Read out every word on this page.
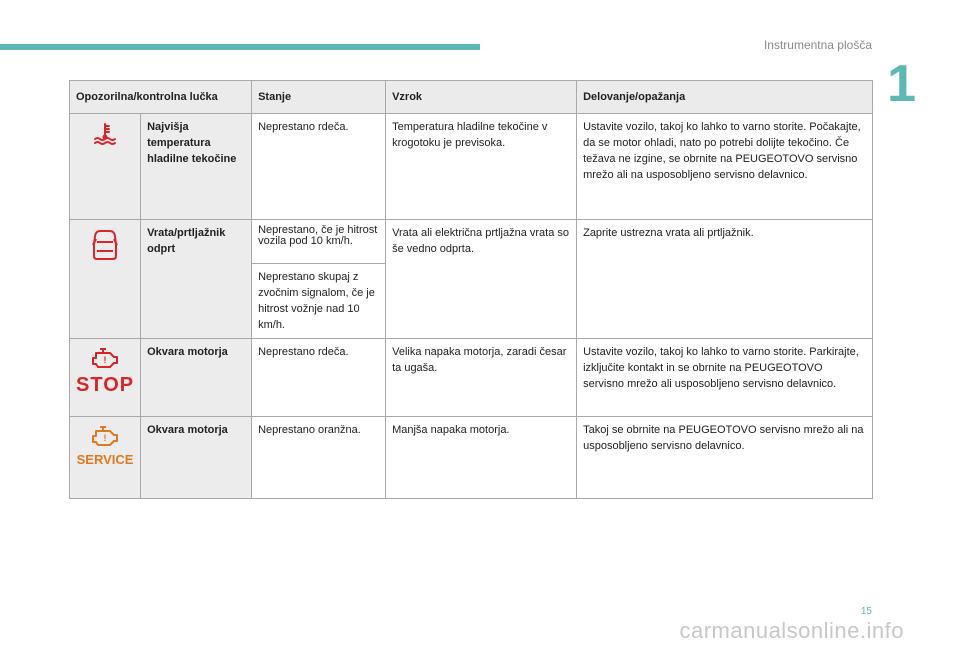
Instrumentna plošča
1
Opozorilna/kontrolna lučka		Stanje	Vzrok	Delovanje/opažanja

	Najvišja temperatura hladilne tekočine	Neprestano rdeča.	Temperatura hladilne tekočine v krogotoku je previsoka.	Ustavite vozilo, takoj ko lahko to varno storite. Počakajte, da se motor ohladi, nato po potrebi dolijte tekočino. Če težava ne izgine, se obrnite na PEUGEOTOVO servisno mrežo ali na usposobljeno servisno delavnico.

	Vrata/prtljažnik odprt	Neprestano, če je hitrost vozila pod 10 km/h.	Vrata ali električna prtljažna vrata so še vedno odprta.	Zaprite ustrezna vrata ali prtljažnik.
		Neprestano skupaj z zvočnim signalom, če je hitrost vožnje nad 10 km/h.		

!
STOP	Okvara motorja	Neprestano rdeča.	Velika napaka motorja, zaradi česar ta ugaša.	Ustavite vozilo, takoj ko lahko to varno storite. Parkirajte, izključite kontakt in se obrnite na PEUGEOTOVO servisno mrežo ali usposobljeno servisno delavnico.

!
SERVICE	Okvara motorja	Neprestano oranžna.	Manjša napaka motorja.	Takoj se obrnite na PEUGEOTOVO servisno mrežo ali na usposobljeno servisno delavnico.
15
carmanualsonline.info
